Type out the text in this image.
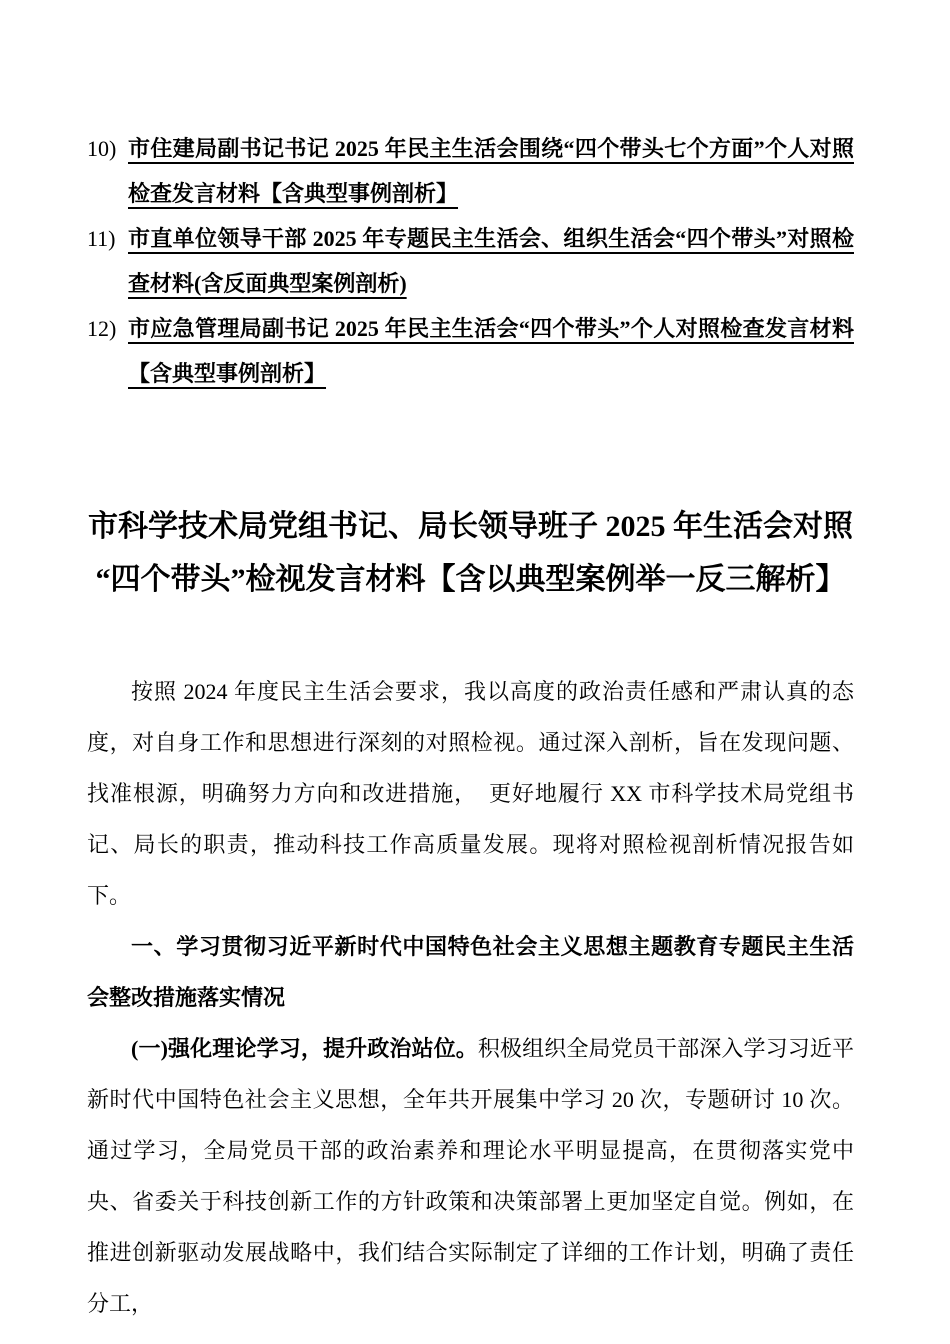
10) 市住建局副书记书记 2025 年民主生活会围绕“四个带头七个方面”个人对照检查发言材料【含典型事例剖析】
11) 市直单位领导干部 2025 年专题民主生活会、组织生活会“四个带头”对照检查材料(含反面典型案例剖析)
12) 市应急管理局副书记 2025 年民主生活会“四个带头”个人对照检查发言材料【含典型事例剖析】
市科学技术局党组书记、局长领导班子 2025 年生活会对照
“四个带头”检视发言材料【含以典型案例举一反三解析】

按照 2024 年度民主生活会要求，我以高度的政治责任感和严肃认真的态度，对自身工作和思想进行深刻的对照检视。通过深入剖析，旨在发现问题、找准根源，明确努力方向和改进措施，　更好地履行 XX 市科学技术局党组书记、局长的职责，推动科技工作高质量发展。现将对照检视剖析情况报告如下。

一、学习贯彻习近平新时代中国特色社会主义思想主题教育专题民主生活会整改措施落实情况

(一)强化理论学习，提升政治站位。积极组织全局党员干部深入学习习近平新时代中国特色社会主义思想，全年共开展集中学习 20 次，专题研讨 10 次。通过学习，全局党员干部的政治素养和理论水平明显提高，在贯彻落实党中央、省委关于科技创新工作的方针政策和决策部署上更加坚定自觉。例如，在推进创新驱动发展战略中，我们结合实际制定了详细的工作计划，明确了责任分工，
